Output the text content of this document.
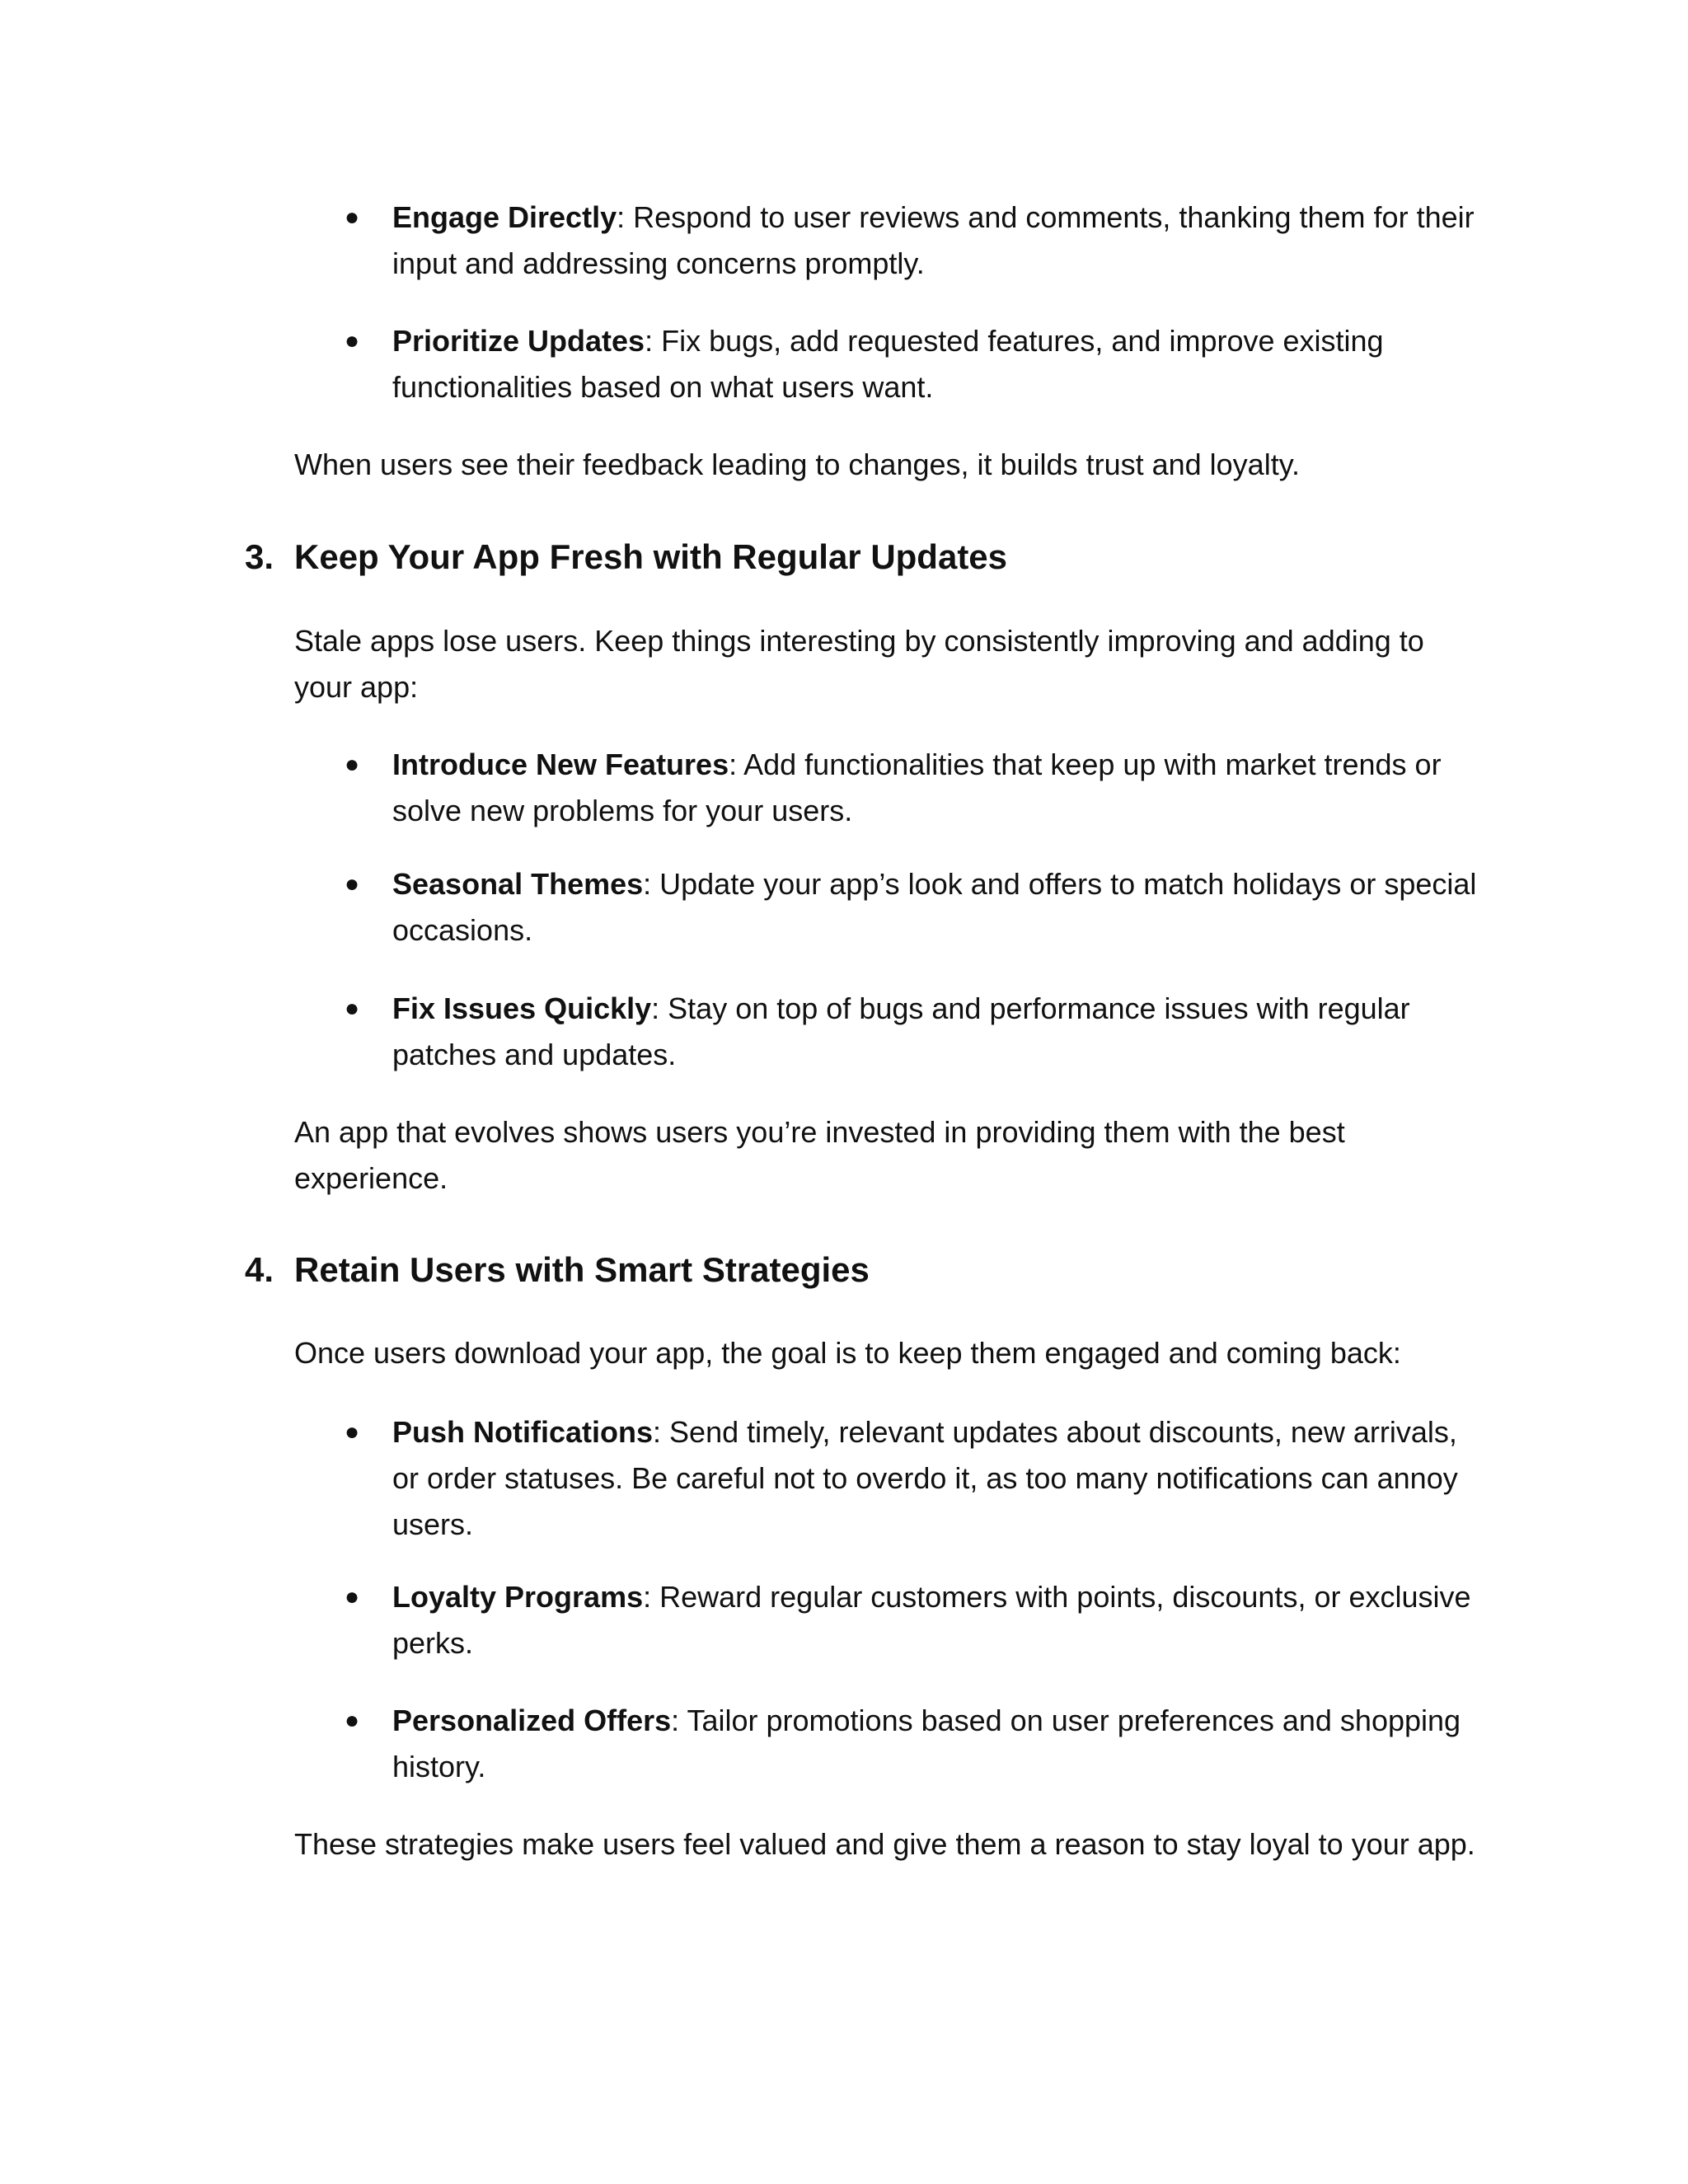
●	Engage Directly: Respond to user reviews and comments, thanking them for their input and addressing concerns promptly.
●	Prioritize Updates: Fix bugs, add requested features, and improve existing functionalities based on what users want.

When users see their feedback leading to changes, it builds trust and loyalty.

3. Keep Your App Fresh with Regular Updates

Stale apps lose users. Keep things interesting by consistently improving and adding to your app:

●	Introduce New Features: Add functionalities that keep up with market trends or solve new problems for your users.
●	Seasonal Themes: Update your app’s look and offers to match holidays or special occasions.
●	Fix Issues Quickly: Stay on top of bugs and performance issues with regular patches and updates.

An app that evolves shows users you’re invested in providing them with the best experience.

4. Retain Users with Smart Strategies

Once users download your app, the goal is to keep them engaged and coming back:

●	Push Notifications: Send timely, relevant updates about discounts, new arrivals, or order statuses. Be careful not to overdo it, as too many notifications can annoy users.
●	Loyalty Programs: Reward regular customers with points, discounts, or exclusive perks.
●	Personalized Offers: Tailor promotions based on user preferences and shopping history.

These strategies make users feel valued and give them a reason to stay loyal to your app.
